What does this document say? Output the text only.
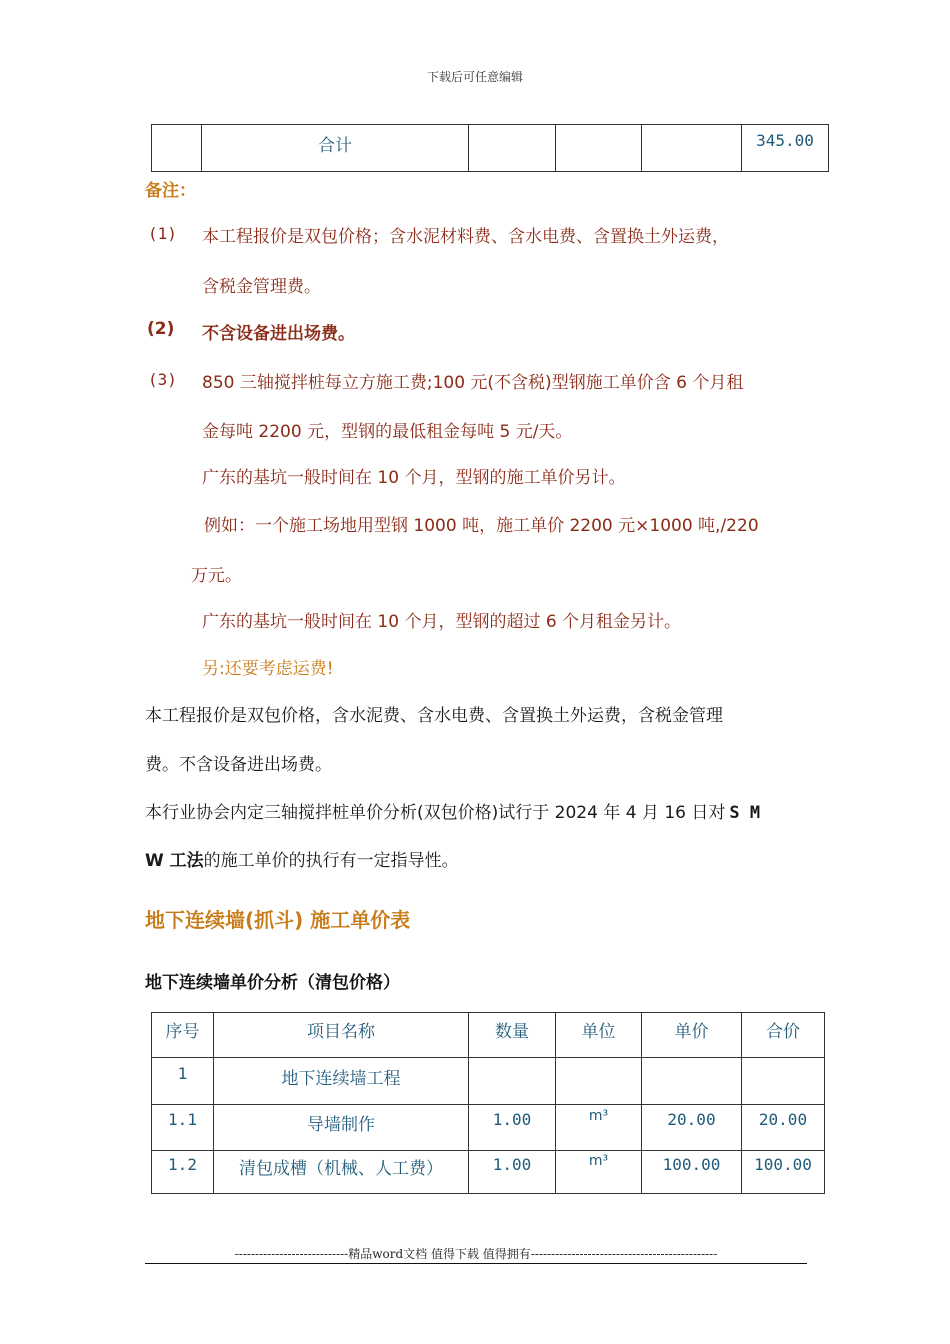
下载后可任意编辑
	合计				345.00
备注：
(1) 本工程报价是双包价格；含水泥材料费、含水电费、含置换土外运费，
含税金管理费。
(2) 不含设备进出场费。
(3) 850 三轴搅拌桩每立方施工费;100 元(不含税)型钢施工单价含 6 个月租
金每吨 2200 元，型钢的最低租金每吨 5 元/天。
广东的基坑一般时间在 10 个月，型钢的施工单价另计。
例如：一个施工场地用型钢 1000 吨，施工单价 2200 元×1000 吨,/220
万元。
广东的基坑一般时间在 10 个月，型钢的超过 6 个月租金另计。
另:还要考虑运费!
本工程报价是双包价格，含水泥费、含水电费、含置换土外运费，含税金管理
费。不含设备进出场费。
本行业协会内定三轴搅拌桩单价分析(双包价格)试行于 2024 年 4 月 16 日对 S M
W 工法的施工单价的执行有一定指导性。
地下连续墙(抓斗) 施工单价表
地下连续墙单价分析（清包价格）
序号	项目名称	数量	单位	单价	合价
1	地下连续墙工程				
1.1	导墙制作	1.00	m³	20.00	20.00
1.2	清包成槽（机械、人工费）	1.00	m³	100.00	100.00
----------------------------精品word文档 值得下载 值得拥有----------------------------------------------
